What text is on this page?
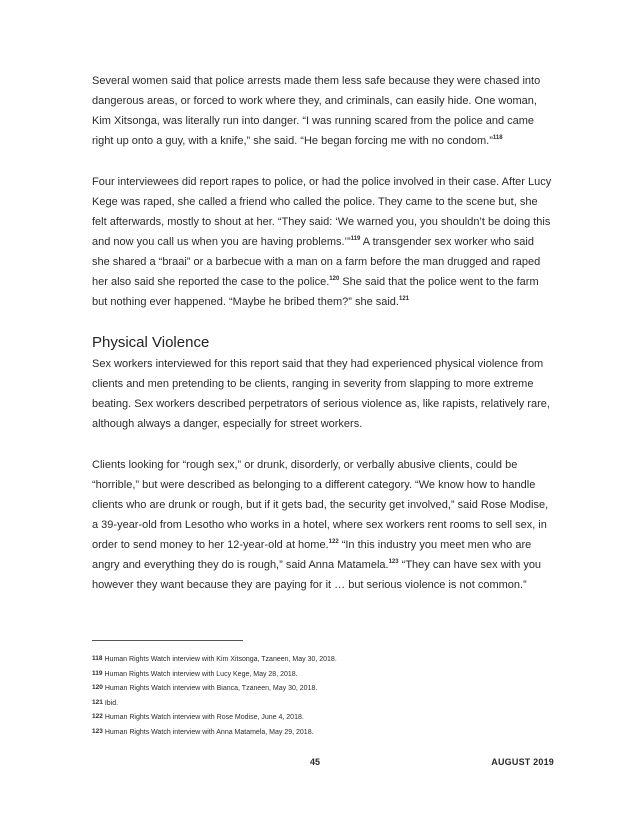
Several women said that police arrests made them less safe because they were chased into dangerous areas, or forced to work where they, and criminals, can easily hide. One woman, Kim Xitsonga, was literally run into danger. “I was running scared from the police and came right up onto a guy, with a knife,” she said. “He began forcing me with no condom.”$^{118}$

Four interviewees did report rapes to police, or had the police involved in their case. After Lucy Kege was raped, she called a friend who called the police. They came to the scene but, she felt afterwards, mostly to shout at her. “They said: ‘We warned you, you shouldn’t be doing this and now you call us when you are having problems.’”$^{119}$ A transgender sex worker who said she shared a “braai” or a barbecue with a man on a farm before the man drugged and raped her also said she reported the case to the police.$^{120}$ She said that the police went to the farm but nothing ever happened. “Maybe he bribed them?” she said.$^{121}$

Physical Violence

Sex workers interviewed for this report said that they had experienced physical violence from clients and men pretending to be clients, ranging in severity from slapping to more extreme beating. Sex workers described perpetrators of serious violence as, like rapists, relatively rare, although always a danger, especially for street workers.

Clients looking for “rough sex,” or drunk, disorderly, or verbally abusive clients, could be “horrible,” but were described as belonging to a different category. “We know how to handle clients who are drunk or rough, but if it gets bad, the security get involved,” said Rose Modise, a 39-year-old from Lesotho who works in a hotel, where sex workers rent rooms to sell sex, in order to send money to her 12-year-old at home.$^{122}$ “In this industry you meet men who are angry and everything they do is rough,” said Anna Matamela.$^{123}$ “They can have sex with you however they want because they are paying for it … but serious violence is not common.”

118 Human Rights Watch interview with Kim Xitsonga, Tzaneen, May 30, 2018.
119 Human Rights Watch interview with Lucy Kege, May 28, 2018.
120 Human Rights Watch interview with Bianca, Tzaneen, May 30, 2018.
121 Ibid.
122 Human Rights Watch interview with Rose Modise, June 4, 2018.
123 Human Rights Watch interview with Anna Matamela, May 29, 2018.
45	AUGUST 2019
